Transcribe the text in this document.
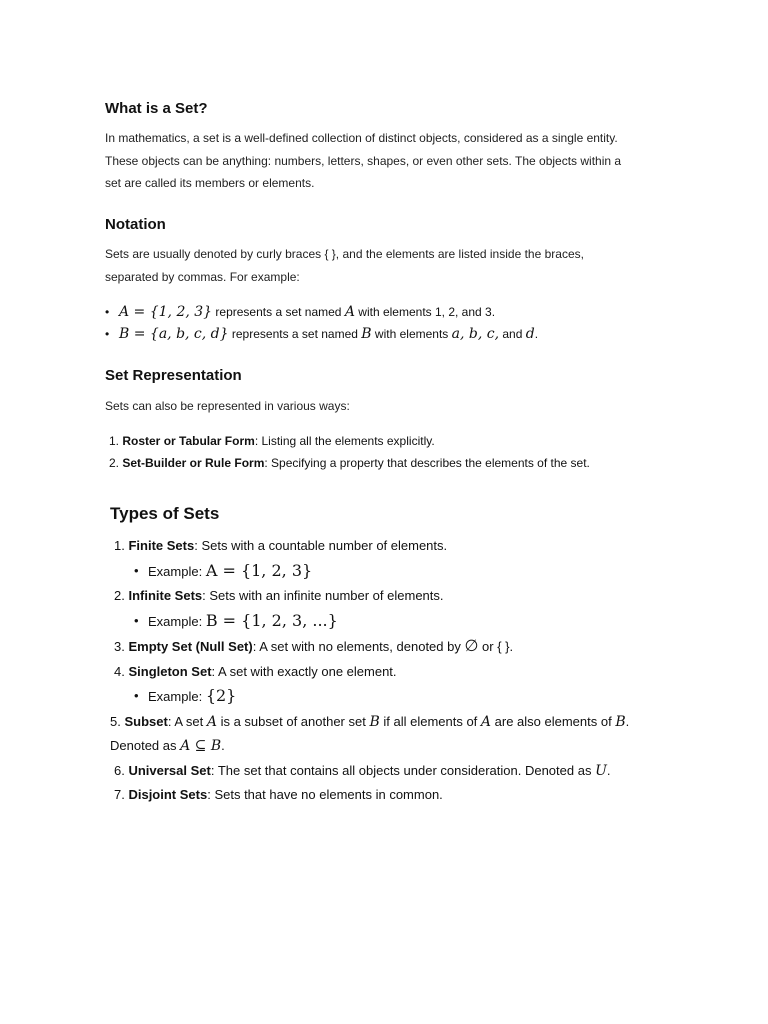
What is a Set?

In mathematics, a set is a well-defined collection of distinct objects, considered as a single entity.

These objects can be anything: numbers, letters, shapes, or even other sets. The objects within a

set are called its members or elements.

Notation

Sets are usually denoted by curly braces { }, and the elements are listed inside the braces,

separated by commas. For example:

• A = {1, 2, 3} represents a set named A with elements 1, 2, and 3.
• B = {a, b, c, d} represents a set named B with elements a, b, c, and d.
Set Representation

Sets can also be represented in various ways:

1. Roster or Tabular Form: Listing all the elements explicitly.
2. Set-Builder or Rule Form: Specifying a property that describes the elements of the set.
Types of Sets
1. Finite Sets: Sets with a countable number of elements.
• Example: A = {1, 2, 3}
2. Infinite Sets: Sets with an infinite number of elements.
• Example: B = {1, 2, 3, ...}
3. Empty Set (Null Set): A set with no elements, denoted by ∅ or { }.
4. Singleton Set: A set with exactly one element.
• Example: {2}
5. Subset: A set A is a subset of another set B if all elements of A are also elements of B.
Denoted as A ⊆ B.
6. Universal Set: The set that contains all objects under consideration. Denoted as U.
7. Disjoint Sets: Sets that have no elements in common.
